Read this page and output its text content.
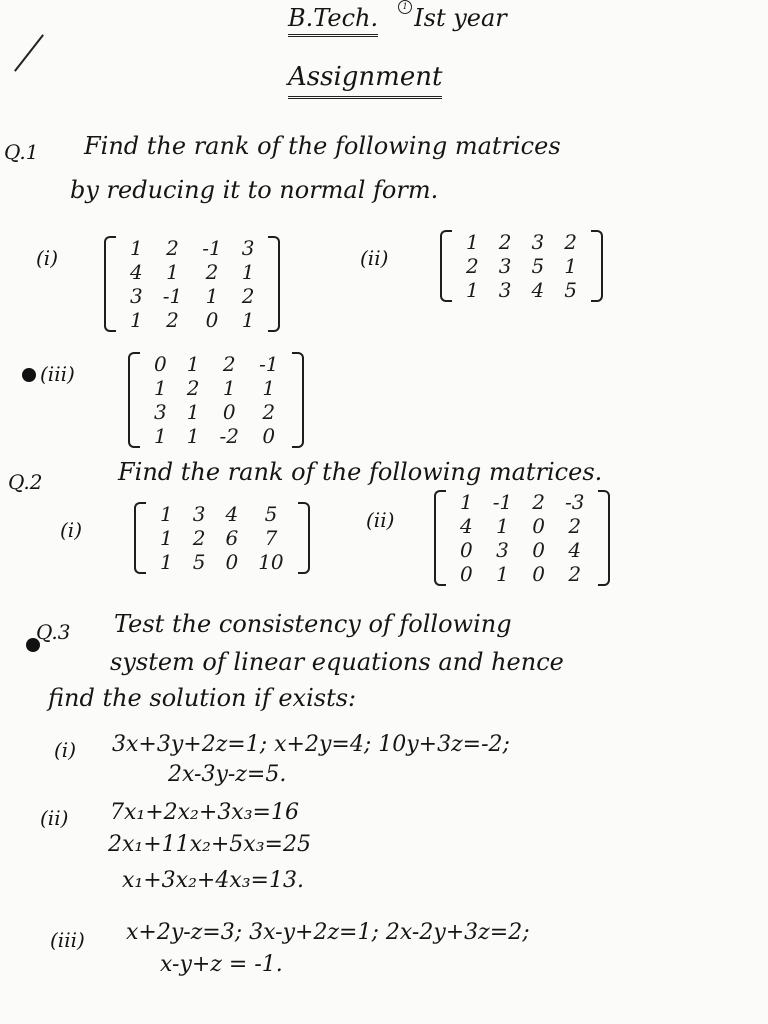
1
B.Tech. Ist year
Assignment
Q.1 Find the rank of the following matrices
by reducing it to normal form.
(i)	1	2	-1	3
4	1	2	1
3	-1	1	2
1	2	0	1
(ii)
1	2	3	2
2	3	5	1
1	3	4	5
(iii)	0	1	2	-1
1	2	1	1
3	1	0	2
1	1	-2	0
Q.2	Find the rank of the following matrices.
(i)
1	3	4	5
1	2	6	7
1	5	0	10
(ii)
1	-1	2	-3
4	1	0	2
0	3	0	4
0	1	0	2
Q.3 Test the consistency of following
system of linear equations and hence
find the solution if exists:
(i) 3x+3y+2z=1; x+2y=4; 10y+3z=-2;
2x-3y-z=5.
(ii) 7x₁+2x₂+3x₃=16
2x₁+11x₂+5x₃=25
x₁+3x₂+4x₃=13.
(iii) x+2y-z=3; 3x-y+2z=1; 2x-2y+3z=2;
x-y+z = -1.
